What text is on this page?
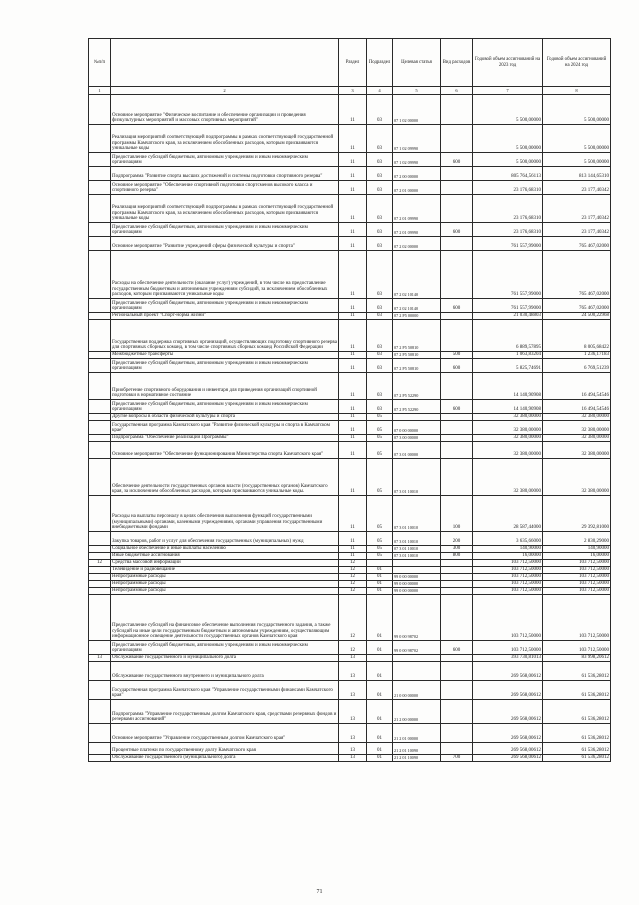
№п/п		Раздел	Подраздел	Целевая статья	Вид расходов	Годовой объем ассигнований на 2023 год	Годовой объем ассигнований на 2024 год
1	2	3	4	5	6	7	8
	Основное мероприятие "Физическое воспитание и обеспечение организации и проведения физкультурных мероприятий и массовых спортивных мероприятий"	11	03	07 1 02 00000		5 500,00000	5 500,00000
	Реализация мероприятий соответствующей подпрограммы в рамках соответствующей государственной программы Камчатского края, за исключением обособленных расходов, которым присваиваются уникальные коды	11	03	07 1 02 09990		5 500,00000	5 500,00000
	Предоставление субсидий бюджетным, автономным учреждениям и иным некоммерческим организациям	11	03	07 1 02 09990	600	5 500,00000	5 500,00000
	Подпрограмма "Развитие спорта высших достижений и системы подготовки спортивного резерва"	11	03	07 2 00 00000		805 764,56113	813 144,65310
	Основное мероприятие "Обеспечение спортивной подготовки спортсменов высокого класса и спортивного резерва"	11	03	07 2 01 00000		23 176,68310	23 177,40342
	Реализация мероприятий соответствующей подпрограммы в рамках соответствующей государственной программы Камчатского края, за исключением обособленных расходов, которым присваиваются уникальные коды	11	03	07 2 01 09990		23 176,68310	23 177,40342
	Предоставление субсидий бюджетным, автономным учреждениям и иным некоммерческим организациям	11	03	07 2 01 09990	600	23 176,68310	23 177,40342
	Основное мероприятие "Развитие учреждений сферы физической культуры и спорта"	11	03	07 2 02 00000		761 557,99000	765 467,02000
	Расходы на обеспечение деятельности (оказание услуг) учреждений, в том числе на предоставление государственным бюджетным и автономным учреждениям субсидий, за исключением обособленных расходов, которым присваиваются уникальные коды	11	03	07 2 02 10140		761 557,99000	765 467,02000
	Предоставление субсидий бюджетным, автономным учреждениям и иным некоммерческим организациям	11	03	07 2 02 10140	600	761 557,99000	765 467,02000
	Региональный проект "Спорт-норма жизни"	11	03	07 2 P5 00000		21 030,48803	24 500,22968
	Государственная поддержка спортивных организаций, осуществляющих подготовку спортивного резерва для спортивных сборных команд, в том числе спортивных сборных команд Российской Федерации	11	03	07 2 P5 50810		6 889,57895	8 005,68422
	Межбюджетные трансферты	11	03	07 2 P5 50810	500	1 063,83204	1 236,17183
	Предоставление субсидий бюджетным, автономным учреждениям и иным некоммерческим организациям	11	03	07 2 P5 50810	600	5 825,74691	6 769,51239
	Приобретение спортивного оборудования и инвентаря для приведения организаций спортивной подготовки в нормативное состояние	11	03	07 2 P5 52290		14 140,90908	16 494,54546
	Предоставление субсидий бюджетным, автономным учреждениям и иным некоммерческим организациям	11	03	07 2 P5 52290	600	14 140,90908	16 494,54546
	Другие вопросы в области физической культуры и спорта	11	05			32 380,00000	32 380,00000
	Государственная программа Камчатского края "Развитие физической культуры и спорта в Камчатском крае"	11	05	07 0 00 00000		32 380,00000	32 380,00000
	Подпрограмма "Обеспечение реализации Программы"	11	05	07 3 00 00000		32 380,00000	32 380,00000
	Основное мероприятие "Обеспечение функционирования Министерства спорта Камчатского края"	11	05	07 3 01 00000		32 380,00000	32 380,00000
	Обеспечение деятельности государственных органов власти (государственных органов) Камчатского края, за исключением обособленных расходов, которым присваиваются уникальные коды.	11	05	07 3 01 10010		32 380,00000	32 380,00000
	Расходы на выплаты персоналу в целях обеспечения выполнения функций государственными (муниципальными) органами, казенными учреждениями, органами управления государственными внебюджетными фондами	11	05	07 3 01 10010	100	28 587,44000	29 392,81000
	Закупка товаров, работ и услуг для обеспечения государственных (муниципальных) нужд	11	05	07 3 01 10010	200	3 635,66000	2 830,29000
	Социальное обеспечение и иные выплаты населению	11	05	07 3 01 10010	300	140,90000	140,90000
	Иные бюджетные ассигнования	11	05	07 3 01 10010	800	16,00000	16,00000
12	Средства массовой информации	12				103 712,50000	103 712,50000
	Телевидение и радиовещание	12	01			103 712,50000	103 712,50000
	Непрограммные расходы	12	01	99 0 00 00000		103 712,50000	103 712,50000
	Непрограммные расходы	12	01	99 0 00 00000		103 712,50000	103 712,50000
	Непрограммные расходы	12	01	99 0 00 00000		103 712,50000	103 712,50000
	Предоставление субсидий на финансовое обеспечение выполнения государственного задания, а также субсидий на иные цели государственным бюджетным и автономным учреждениям, осуществляющим информационное освещение деятельности государственных органов Камчатского края	12	01	99 0 00 98702		103 712,50000	103 712,50000
	Предоставление субсидий бюджетным, автономным учреждениям и иным некоммерческим организациям	12	01	99 0 00 98702	600	103 712,50000	103 712,50000
13	Обслуживание государственного и муниципального долга	13				393 730,81013	83 998,20612
	Обслуживание государственного внутреннего и муниципального долга	13	01			269 568,00612	61 536,28012
	Государственная программа Камчатского края "Управление государственными финансами Камчатского края"	13	01	21 0 00 00000		269 568,00612	61 536,28012
	Подпрограмма "Управление государственным долгом Камчатского края, средствами резервных фондов и резервами ассигнований"	13	01	21 2 00 00000		269 568,00612	61 536,28012
	Основное мероприятие "Управление государственным долгом Камчатского края"	13	01	21 2 01 00000		269 568,00612	61 536,28012
	Процентные платежи по государственному долгу Камчатского края	13	01	21 2 01 10090		269 568,00612	61 536,28012
	Обслуживание государственного (муниципального) долга	13	01	21 2 01 10090	700	269 568,00612	61 536,28012
71
